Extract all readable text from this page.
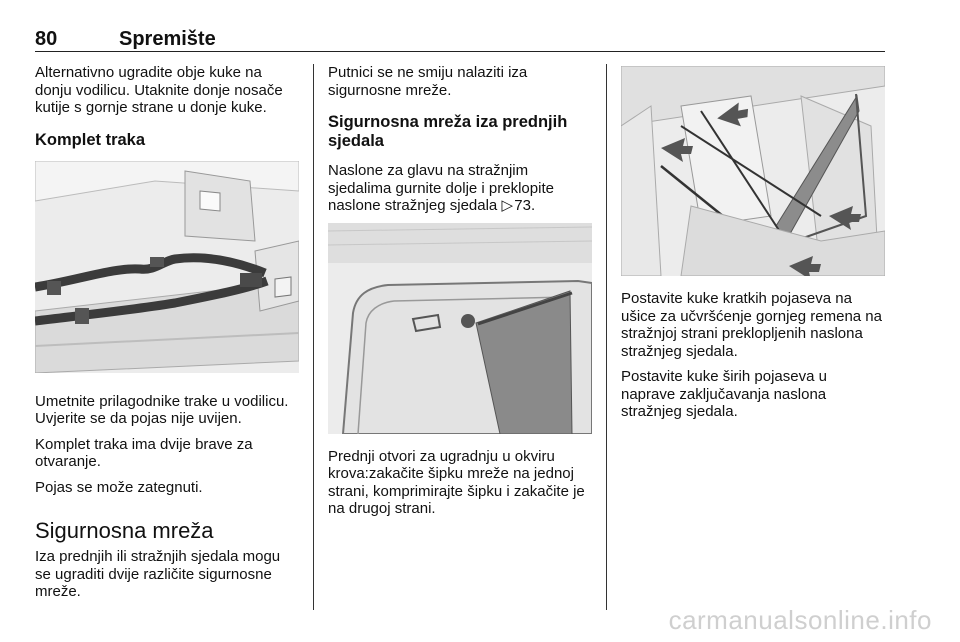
80	Spremište

Alternativno ugradite obje kuke na donju vodilicu. Utaknite donje nosače kutije s gornje strane u donje kuke.

Komplet traka

Umetnite prilagodnike trake u vodilicu. Uvjerite se da pojas nije uvijen.

Komplet traka ima dvije brave za otvaranje.

Pojas se može zategnuti.

Sigurnosna mreža

Iza prednjih ili stražnjih sjedala mogu se ugraditi dvije različite sigurnosne mreže.

Putnici se ne smiju nalaziti iza sigurnosne mreže.

Sigurnosna mreža iza prednjih sjedala

Naslone za glavu na stražnjim sjedalima gurnite dolje i preklopite naslone stražnjeg sjedala ▷ 73.

Prednji otvori za ugradnju u okviru krova:zakačite šipku mreže na jednoj strani, komprimirajte šipku i zakačite je na drugoj strani.

Postavite kuke kratkih pojaseva na ušice za učvršćenje gornjeg remena na stražnjoj strani preklopljenih naslona stražnjeg sjedala.

Postavite kuke širih pojaseva u naprave zaključavanja naslona stražnjeg sjedala.

carmanualsonline.info
